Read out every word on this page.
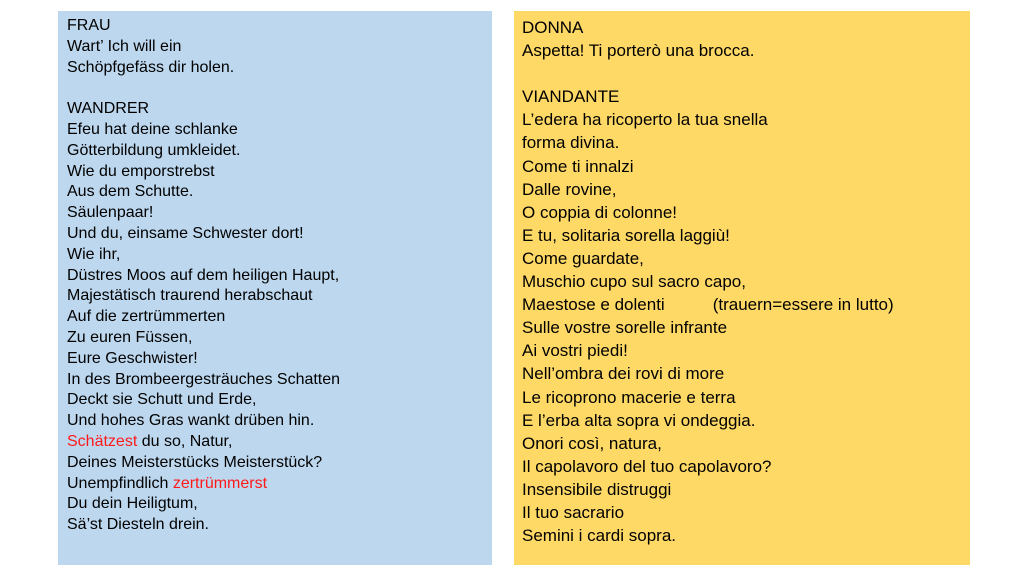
FRAU
Wart’ Ich will ein
Schöpfgefäss dir holen.
WANDRER
Efeu hat deine schlanke
Götterbildung umkleidet.
Wie du emporstrebst
Aus dem Schutte.
Säulenpaar!
Und du, einsame Schwester dort!
Wie ihr,
Düstres Moos auf dem heiligen Haupt,
Majestätisch traurend herabschaut
Auf die zertrümmerten
Zu euren Füssen,
Eure Geschwister!
In des Brombeergesträuches Schatten
Deckt sie Schutt und Erde,
Und hohes Gras wankt drüben hin.
Schätzest du so, Natur,
Deines Meisterstücks Meisterstück?
Unempfindlich zertrümmerst
Du dein Heiligtum,
Sä’st Diesteln drein.
DONNA
Aspetta! Ti porterò una brocca.
VIANDANTE
L’edera ha ricoperto la tua snella
forma divina.
Come ti innalzi
Dalle rovine,
O coppia di colonne!
E tu, solitaria sorella laggiù!
Come guardate,
Muschio cupo sul sacro capo,
Maestose e dolenti	(trauern=essere in lutto)
Sulle vostre sorelle infrante
Ai vostri piedi!
Nell’ombra dei rovi di more
Le ricoprono macerie e terra
E l’erba alta sopra vi ondeggia.
Onori così, natura,
Il capolavoro del tuo capolavoro?
Insensibile distruggi
Il tuo sacrario
Semini i cardi sopra.
